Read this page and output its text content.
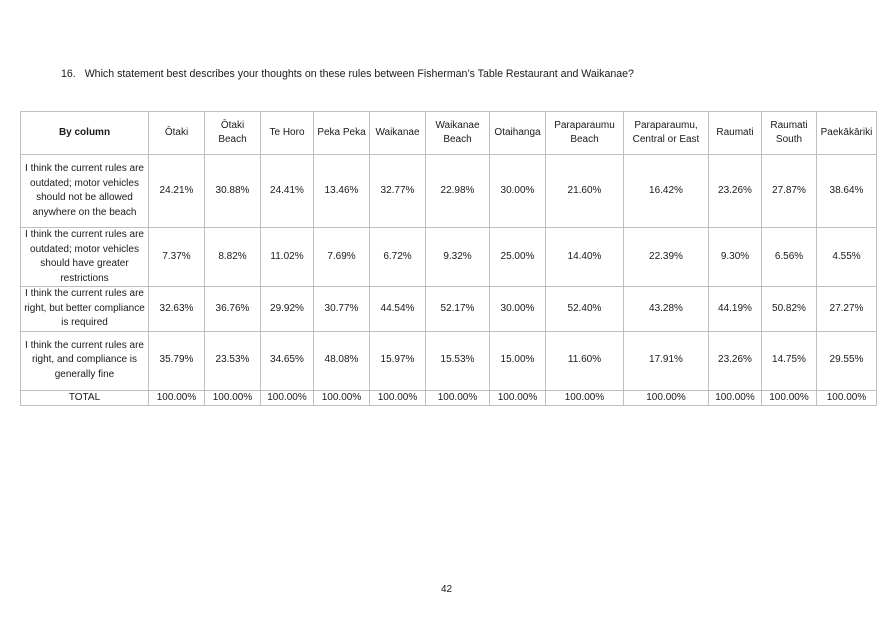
16. Which statement best describes your thoughts on these rules between Fisherman’s Table Restaurant and Waikanae?
By column	Ōtaki	Ōtaki Beach	Te Horo	Peka Peka	Waikanae	Waikanae Beach	Otaihanga	Paraparaumu Beach	Paraparaumu, Central or East	Raumati	Raumati South	Paekākāriki
I think the current rules are outdated; motor vehicles should not be allowed anywhere on the beach	24.21%	30.88%	24.41%	13.46%	32.77%	22.98%	30.00%	21.60%	16.42%	23.26%	27.87%	38.64%
I think the current rules are outdated; motor vehicles should have greater restrictions	7.37%	8.82%	11.02%	7.69%	6.72%	9.32%	25.00%	14.40%	22.39%	9.30%	6.56%	4.55%
I think the current rules are right, but better compliance is required	32.63%	36.76%	29.92%	30.77%	44.54%	52.17%	30.00%	52.40%	43.28%	44.19%	50.82%	27.27%
I think the current rules are right, and compliance is generally fine	35.79%	23.53%	34.65%	48.08%	15.97%	15.53%	15.00%	11.60%	17.91%	23.26%	14.75%	29.55%
TOTAL	100.00%	100.00%	100.00%	100.00%	100.00%	100.00%	100.00%	100.00%	100.00%	100.00%	100.00%	100.00%
42
